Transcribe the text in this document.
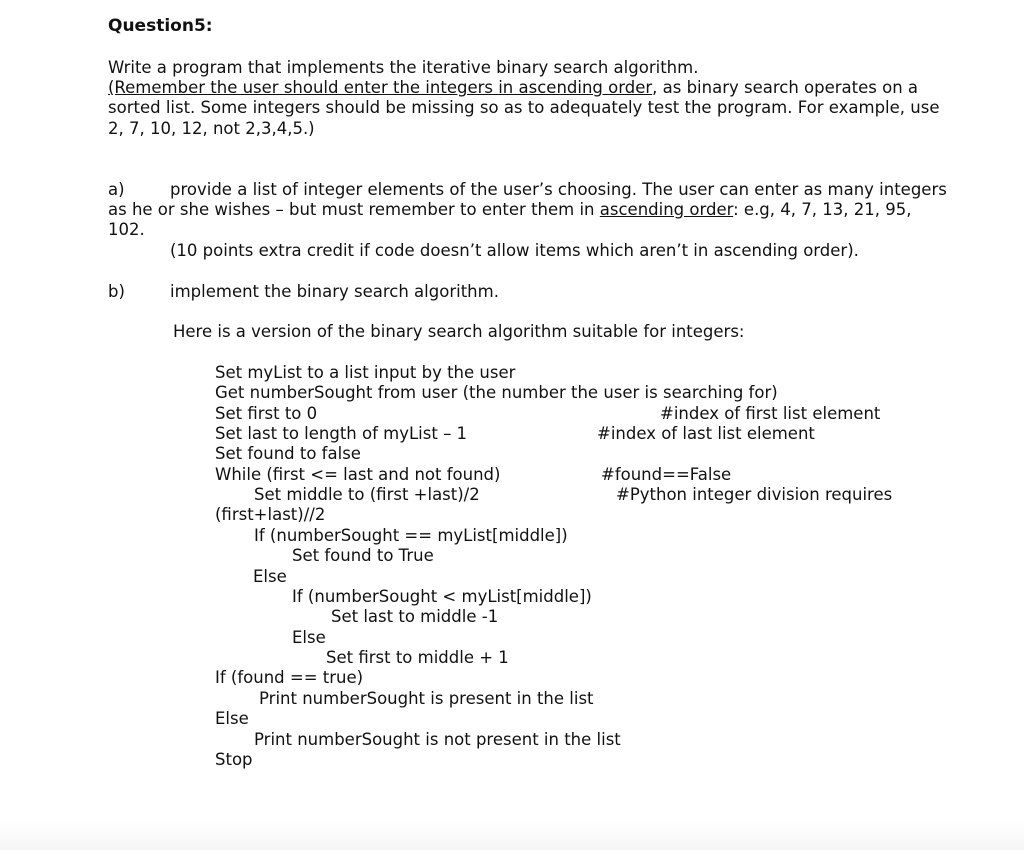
Question5:
Write a program that implements the iterative binary search algorithm.
(Remember the user should enter the integers in ascending order, as binary search operates on a
sorted list. Some integers should be missing so as to adequately test the program. For example, use
2, 7, 10, 12, not 2,3,4,5.)
a)	provide a list of integer elements of the user’s choosing. The user can enter as many integers
as he or she wishes – but must remember to enter them in ascending order: e.g, 4, 7, 13, 21, 95,
102.
(10 points extra credit if code doesn’t allow items which aren’t in ascending order).
b)	implement the binary search algorithm.
Here is a version of the binary search algorithm suitable for integers:
Set myList to a list input by the user
Get numberSought from user (the number the user is searching for)
Set first to 0
Set last to length of myList – 1
Set found to false
While (first <= last and not found)
Set middle to (first +last)/2
(first+last)//2
If (numberSought == myList[middle])
Set found to True
Else
If (numberSought < myList[middle])
Set last to middle -1
Else
Set first to middle + 1
If (found == true)
Print numberSought is present in the list
Else
Print numberSought is not present in the list
Stop
#index of first list element
#index of last list element
#found==False
#Python integer division requires
